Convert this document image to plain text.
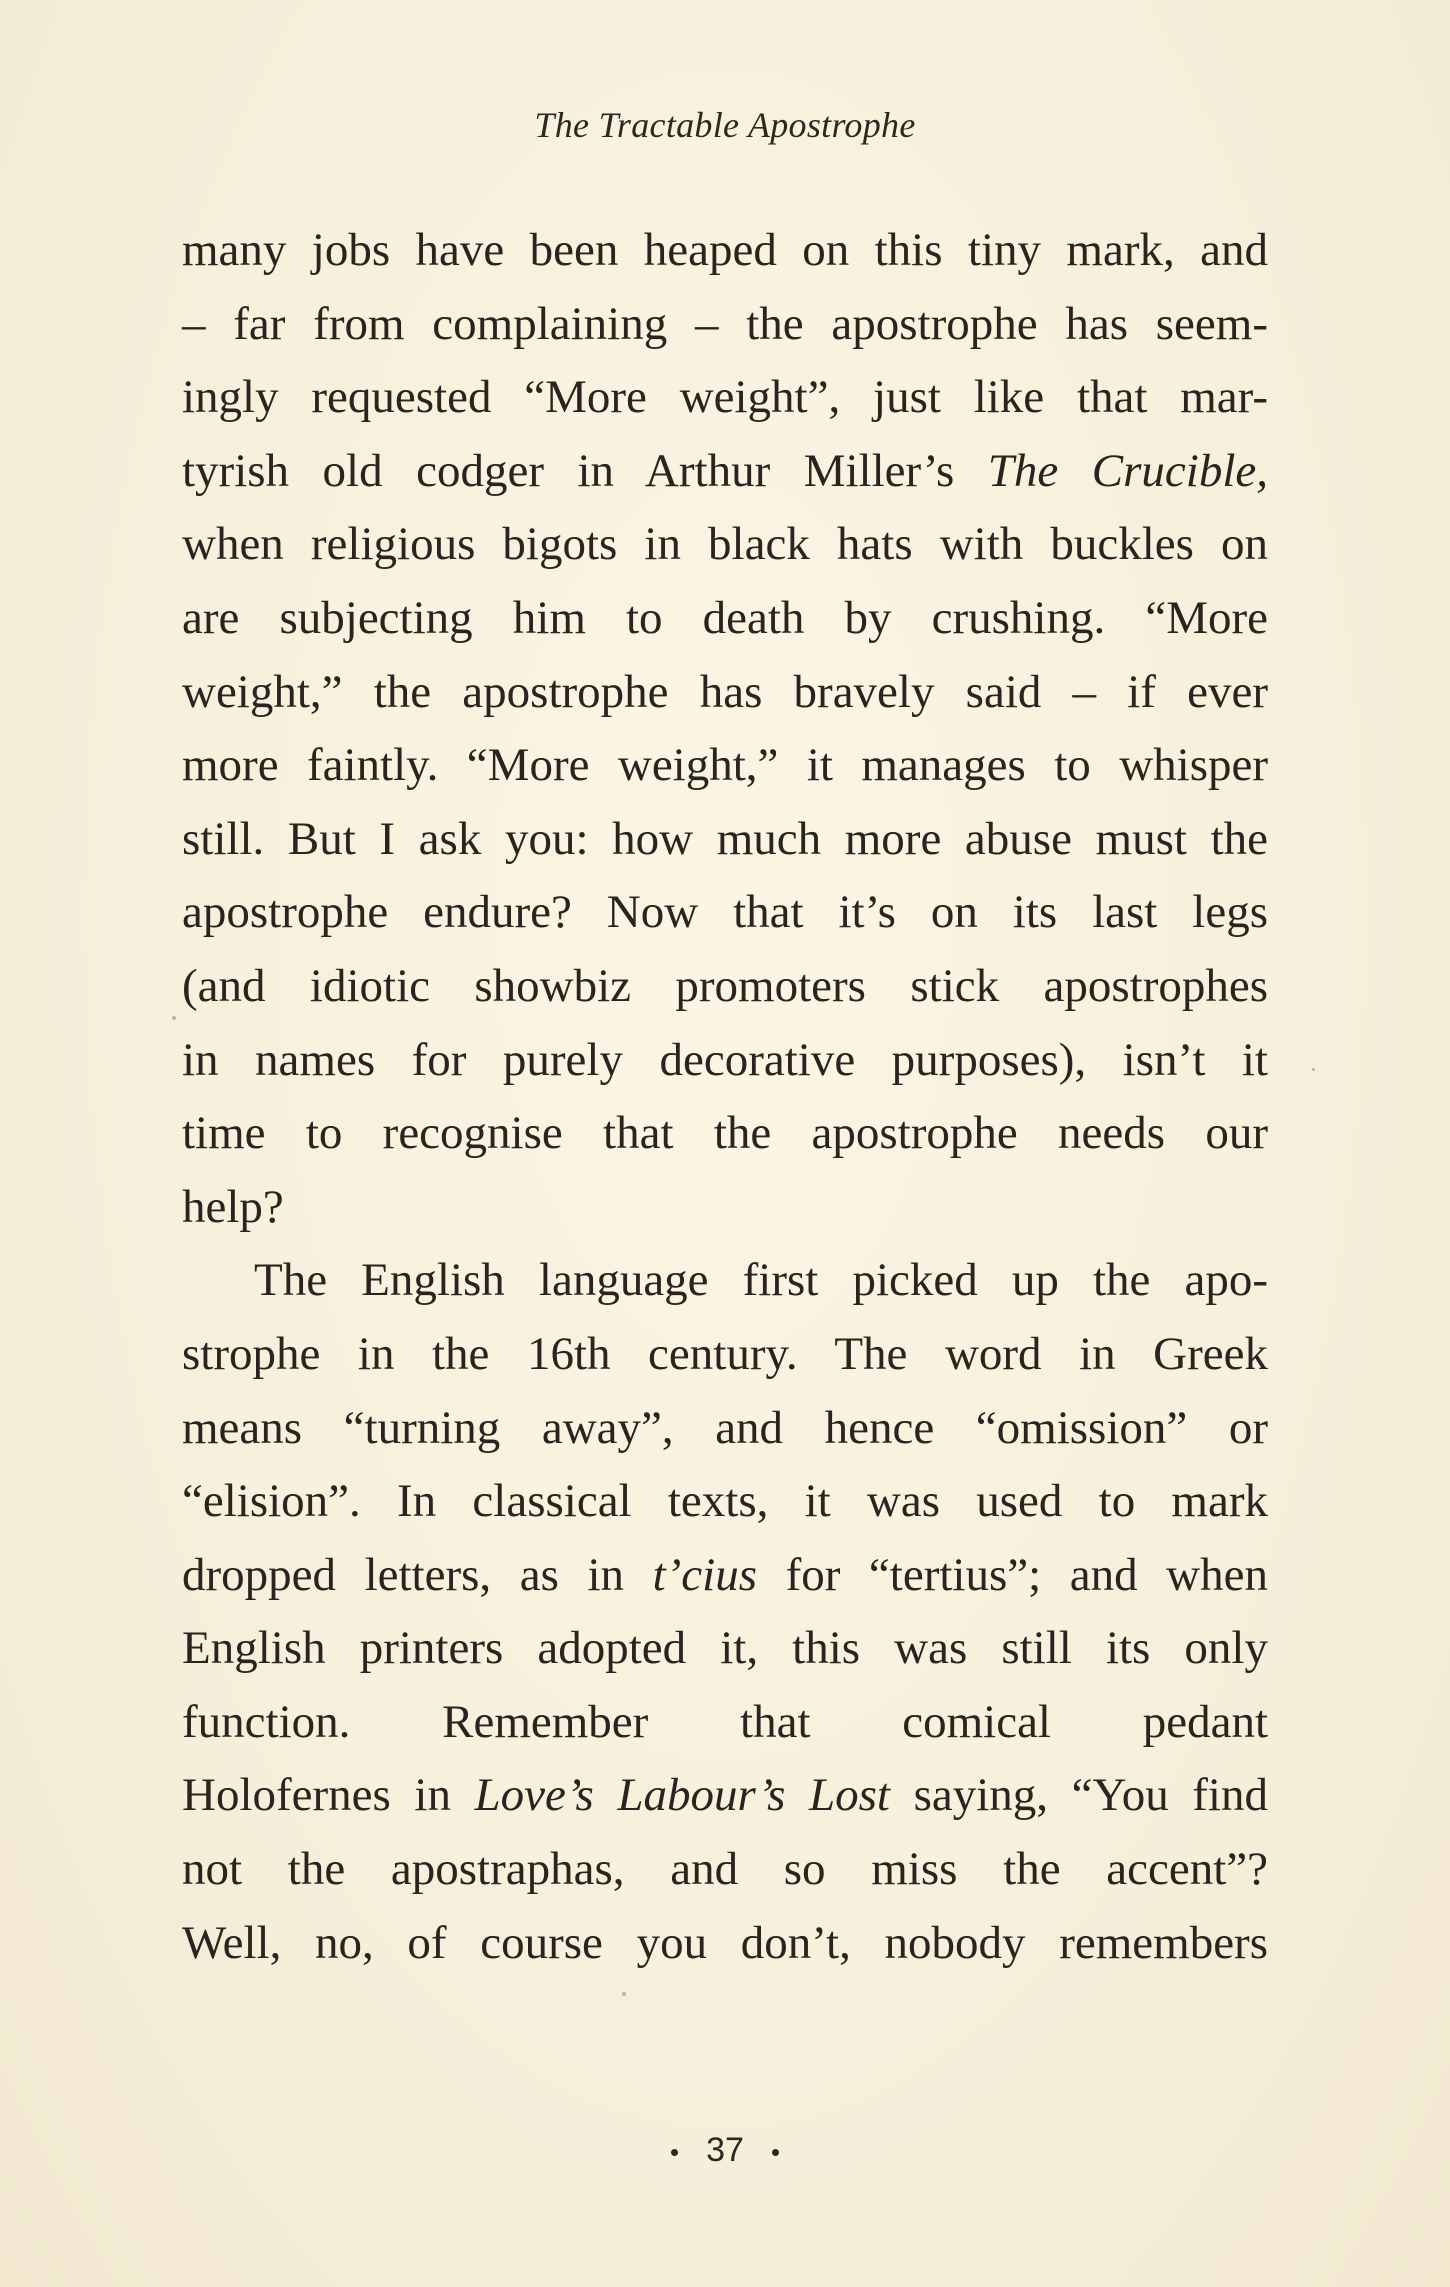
The Tractable Apostrophe
many jobs have been heaped on this tiny mark, and
– far from complaining – the apostrophe has seem-
ingly requested “More weight”, just like that mar-
tyrish old codger in Arthur Miller’s The Crucible,
when religious bigots in black hats with buckles on
are subjecting him to death by crushing. “More
weight,” the apostrophe has bravely said – if ever
more faintly. “More weight,” it manages to whisper
still. But I ask you: how much more abuse must the
apostrophe endure? Now that it’s on its last legs
(and idiotic showbiz promoters stick apostrophes
in names for purely decorative purposes), isn’t it
time to recognise that the apostrophe needs our
help?
The English language first picked up the apo-
strophe in the 16th century. The word in Greek
means “turning away”, and hence “omission” or
“elision”. In classical texts, it was used to mark
dropped letters, as in t’cius for “tertius”; and when
English printers adopted it, this was still its only
function. Remember that comical pedant
Holofernes in Love’s Labour’s Lost saying, “You find
not the apostraphas, and so miss the accent”?
Well, no, of course you don’t, nobody remembers
37
